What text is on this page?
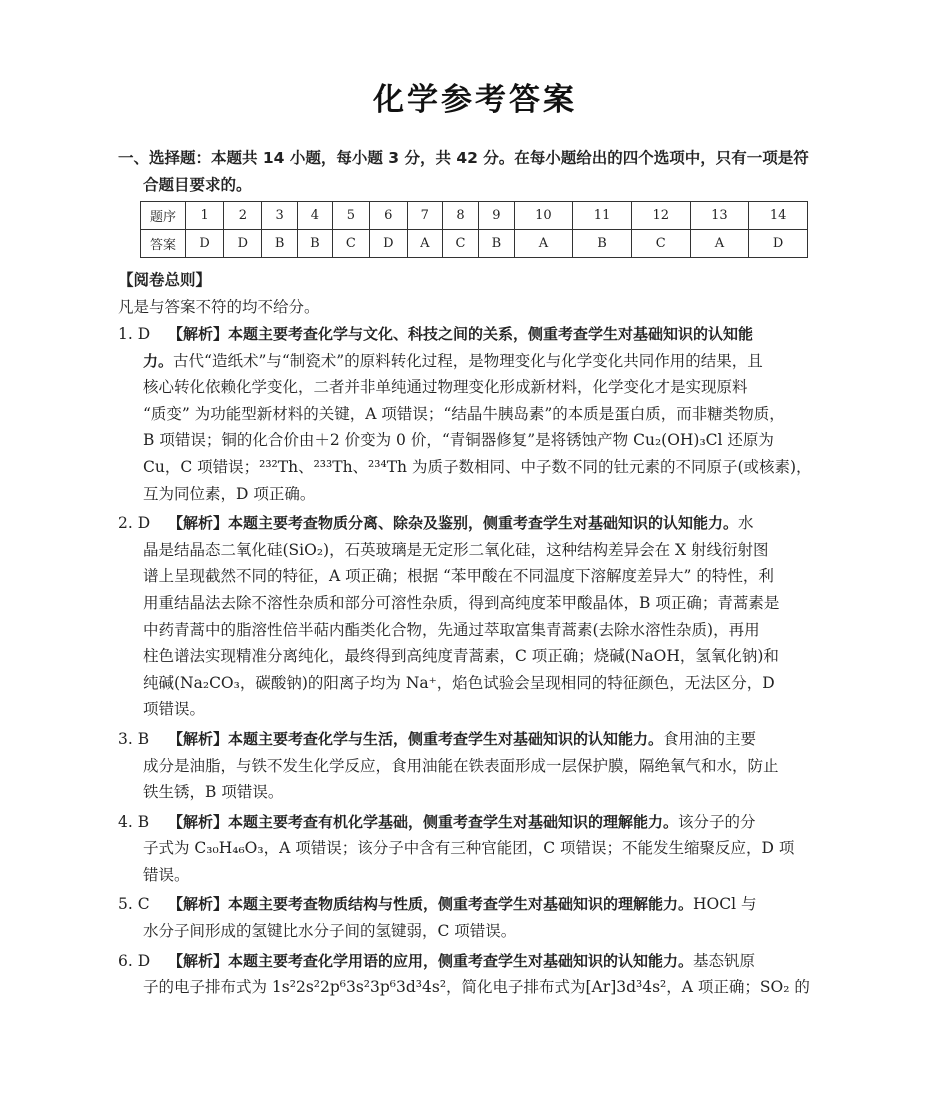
化学参考答案
一、选择题：本题共 14 小题，每小题 3 分，共 42 分。在每小题给出的四个选项中，只有一项是符
合题目要求的。
题序	1	2	3	4	5	6	7	8	9	10	11	12	13	14
答案	D	D	B	B	C	D	A	C	B	A	B	C	A	D
【阅卷总则】
凡是与答案不符的均不给分。
1. D 【解析】本题主要考查化学与文化、科技之间的关系，侧重考查学生对基础知识的认知能
力。古代“造纸术”与“制瓷术”的原料转化过程，是物理变化与化学变化共同作用的结果，且
核心转化依赖化学变化，二者并非单纯通过物理变化形成新材料，化学变化才是实现原料
“质变” 为功能型新材料的关键，A 项错误；“结晶牛胰岛素”的本质是蛋白质，而非糖类物质，
B 项错误；铜的化合价由＋2 价变为 0 价，“青铜器修复”是将锈蚀产物 Cu₂(OH)₃Cl 还原为
Cu，C 项错误；²³²Th、²³³Th、²³⁴Th 为质子数相同、中子数不同的钍元素的不同原子(或核素)，
互为同位素，D 项正确。
2. D 【解析】本题主要考查物质分离、除杂及鉴别，侧重考查学生对基础知识的认知能力。水
晶是结晶态二氧化硅(SiO₂)，石英玻璃是无定形二氧化硅，这种结构差异会在 X 射线衍射图
谱上呈现截然不同的特征，A 项正确；根据 “苯甲酸在不同温度下溶解度差异大” 的特性，利
用重结晶法去除不溶性杂质和部分可溶性杂质，得到高纯度苯甲酸晶体，B 项正确；青蒿素是
中药青蒿中的脂溶性倍半萜内酯类化合物，先通过萃取富集青蒿素(去除水溶性杂质)，再用
柱色谱法实现精准分离纯化，最终得到高纯度青蒿素，C 项正确；烧碱(NaOH，氢氧化钠)和
纯碱(Na₂CO₃，碳酸钠)的阳离子均为 Na⁺，焰色试验会呈现相同的特征颜色，无法区分，D
项错误。
3. B 【解析】本题主要考查化学与生活，侧重考查学生对基础知识的认知能力。食用油的主要
成分是油脂，与铁不发生化学反应，食用油能在铁表面形成一层保护膜，隔绝氧气和水，防止
铁生锈，B 项错误。
4. B 【解析】本题主要考查有机化学基础，侧重考查学生对基础知识的理解能力。该分子的分
子式为 C₃₀H₄₆O₃，A 项错误；该分子中含有三种官能团，C 项错误；不能发生缩聚反应，D 项
错误。
5. C 【解析】本题主要考查物质结构与性质，侧重考查学生对基础知识的理解能力。HOCl 与
水分子间形成的氢键比水分子间的氢键弱，C 项错误。
6. D 【解析】本题主要考查化学用语的应用，侧重考查学生对基础知识的认知能力。基态钒原
子的电子排布式为 1s²2s²2p⁶3s²3p⁶3d³4s²，简化电子排布式为[Ar]3d³4s²，A 项正确；SO₂ 的
